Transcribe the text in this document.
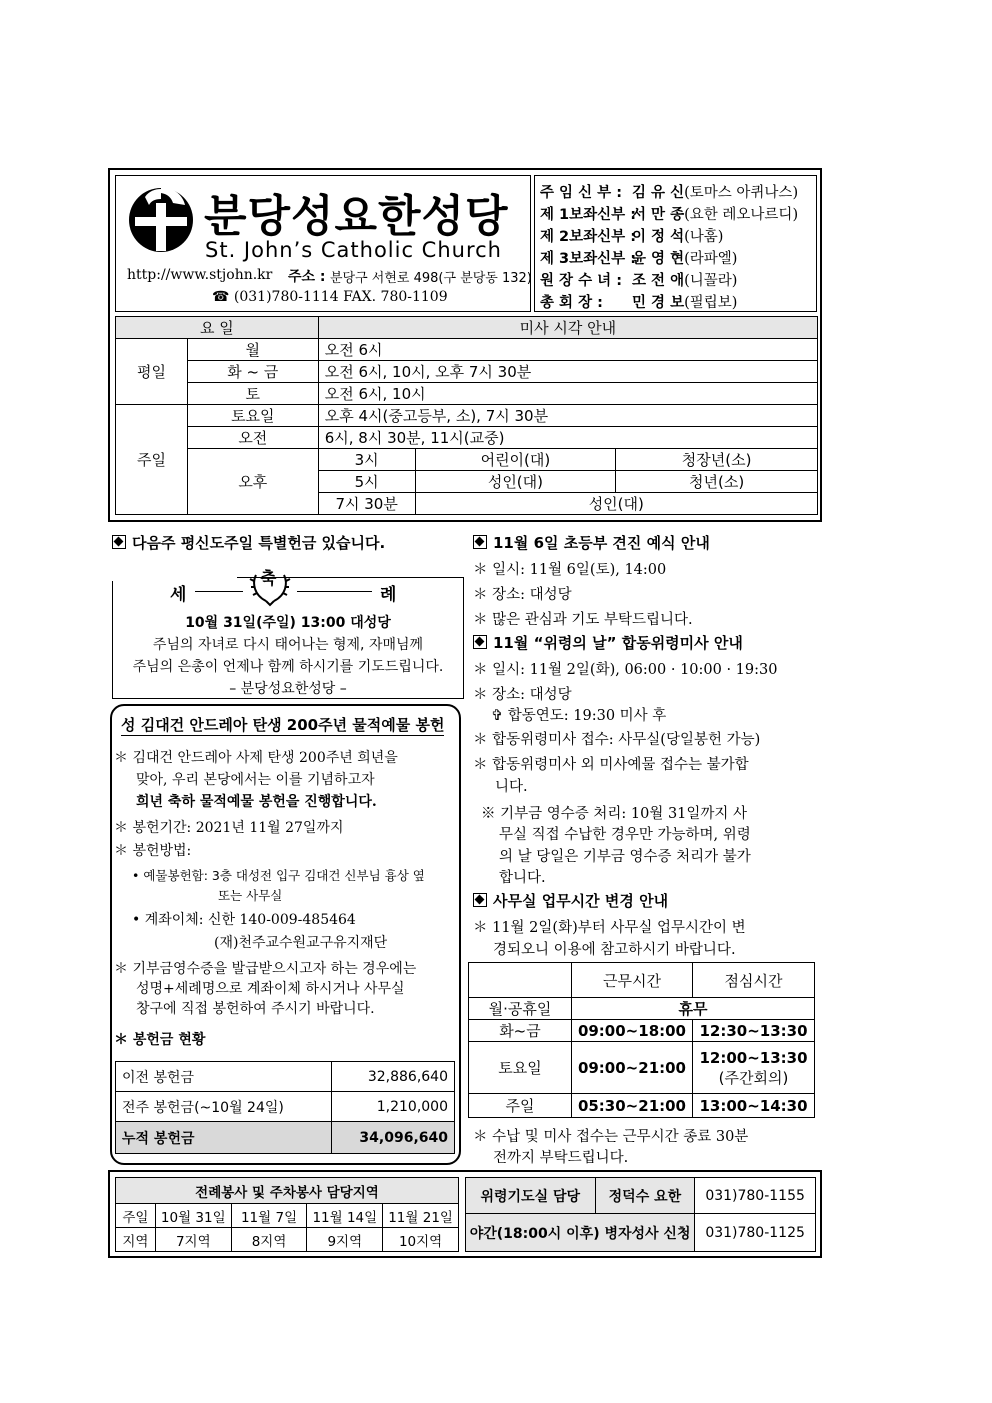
분당성요한성당
St. John’s Catholic Church
http://www.stjohn.kr 주소 : 분당구 서현로 498(구 분당동 132)
☎ (031)780-1114 FAX. 780-1109
주 임 신 부 : 김 유 신(토마스 아퀴나스)
제 1보좌신부 :서 만 종(요한 레오나르디)
제 2보좌신부 :이 정 석(나훔)
제 3보좌신부 :윤 영 현(라파엘)
원 장 수 녀 : 조 전 애(니꼴라)
총 회 장 : 민 경 보(필립보)
요 일		미사 시각 안내		
평일	월	오전 6시		
	화 ~ 금	오전 6시, 10시, 오후 7시 30분		
	토	오전 6시, 10시		
주일	토요일	오후 4시(중고등부, 소), 7시 30분		
	오전	6시, 8시 30분, 11시(교중)		
	오후	3시	어린이(대)	청장년(소)
		5시	성인(대)	청년(소)
		7시 30분	성인(대)	
다음주 평신도주일 특별헌금 있습니다.
세
축
례
10월 31일(주일) 13:00 대성당
주님의 자녀로 다시 태어나는 형제, 자매님께
주님의 은총이 언제나 함께 하시기를 기도드립니다.
– 분당성요한성당 –
성 김대건 안드레아 탄생 200주년 물적예물 봉헌
＊ 김대건 안드레아 사제 탄생 200주년 희년을
맞아, 우리 본당에서는 이를 기념하고자
희년 축하 물적예물 봉헌을 진행합니다.
＊ 봉헌기간: 2021년 11월 27일까지
＊ 봉헌방법:
• 예물봉헌함: 3층 대성전 입구 김대건 신부님 흉상 옆
또는 사무실
• 계좌이체: 신한 140-009-485464
(재)천주교수원교구유지재단
＊ 기부금영수증을 발급받으시고자 하는 경우에는
성명+세례명으로 계좌이체 하시거나 사무실
창구에 직접 봉헌하여 주시기 바랍니다.
＊ 봉헌금 현황
이전 봉헌금	32,886,640
전주 봉헌금(~10월 24일)	1,210,000
누적 봉헌금	34,096,640
11월 6일 초등부 견진 예식 안내
＊ 일시: 11월 6일(토), 14:00
＊ 장소: 대성당
＊ 많은 관심과 기도 부탁드립니다.
11월 “위령의 날” 합동위령미사 안내
＊ 일시: 11월 2일(화), 06:00 · 10:00 · 19:30
＊ 장소: 대성당
✞ 합동연도: 19:30 미사 후
＊ 합동위령미사 접수: 사무실(당일봉헌 가능)
＊ 합동위령미사 외 미사예물 접수는 불가합
니다.
※ 기부금 영수증 처리: 10월 31일까지 사
무실 직접 수납한 경우만 가능하며, 위령
의 날 당일은 기부금 영수증 처리가 불가
합니다.
사무실 업무시간 변경 안내
＊ 11월 2일(화)부터 사무실 업무시간이 변
경되오니 이용에 참고하시기 바랍니다.
	근무시간	점심시간
월·공휴일	휴무	
화~금	09:00~18:00	12:30~13:30
토요일	09:00~21:00	12:00~13:30
(주간회의)

주일	05:30~21:00	13:00~14:30
＊ 수납 및 미사 접수는 근무시간 종료 30분
전까지 부탁드립니다.
전례봉사 및 주차봉사 담당지역				
주일	10월 31일	11월 7일	11월 14일	11월 21일
지역	7지역	8지역	9지역	10지역
위령기도실 담당	정덕수 요한	031)780-1155
야간(18:00시 이후) 병자성사 신청		031)780-1125
